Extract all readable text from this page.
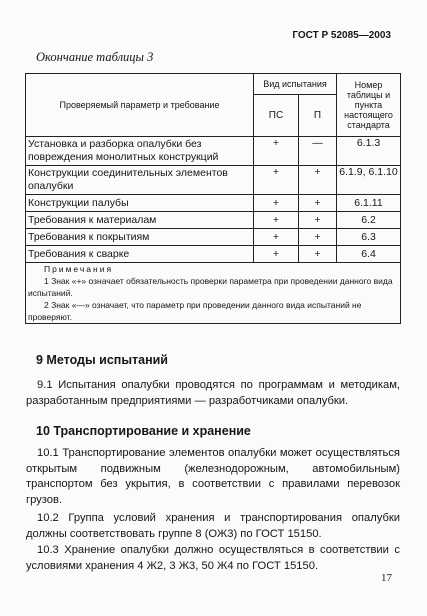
ГОСТ Р 52085—2003
Окончание таблицы 3
Проверяемый параметр и требование	Вид испытания		Номер таблицы и пункта настоящего стандарта
	ПС	П	
Установка и разборка опалубки без повреждения монолитных конструкций	+	—	6.1.3
Конструкции соединительных элементов опалубки	+	+	6.1.9, 6.1.10
Конструкции палубы	+	+	6.1.11
Требования к материалам	+	+	6.2
Требования к покрытиям	+	+	6.3
Требования к сварке	+	+	6.4

Примечания

1 Знак «+» означает обязательность проверки параметра при проведении данного вида испытаний.

2 Знак «—» означает, что параметр при проведении данного вида испытаний не проверяют.			

9 Методы испытаний

9.1 Испытания опалубки проводятся по программам и методикам, разработанным предприятиями — разработчиками опалубки.

10 Транспортирование и хранение

10.1 Транспортирование элементов опалубки может осуществляться открытым подвижным (железнодорожным, автомобильным) транспортом без укрытия, в соответствии с правилами перевозок грузов.

10.2 Группа условий хранения и транспортирования опалубки должны соответствовать группе 8 (ОЖ3) по ГОСТ 15150.

10.3 Хранение опалубки должно осуществляться в соответствии с условиями хранения 4 Ж2, 3 Ж3, 50 Ж4 по ГОСТ 15150.

17
